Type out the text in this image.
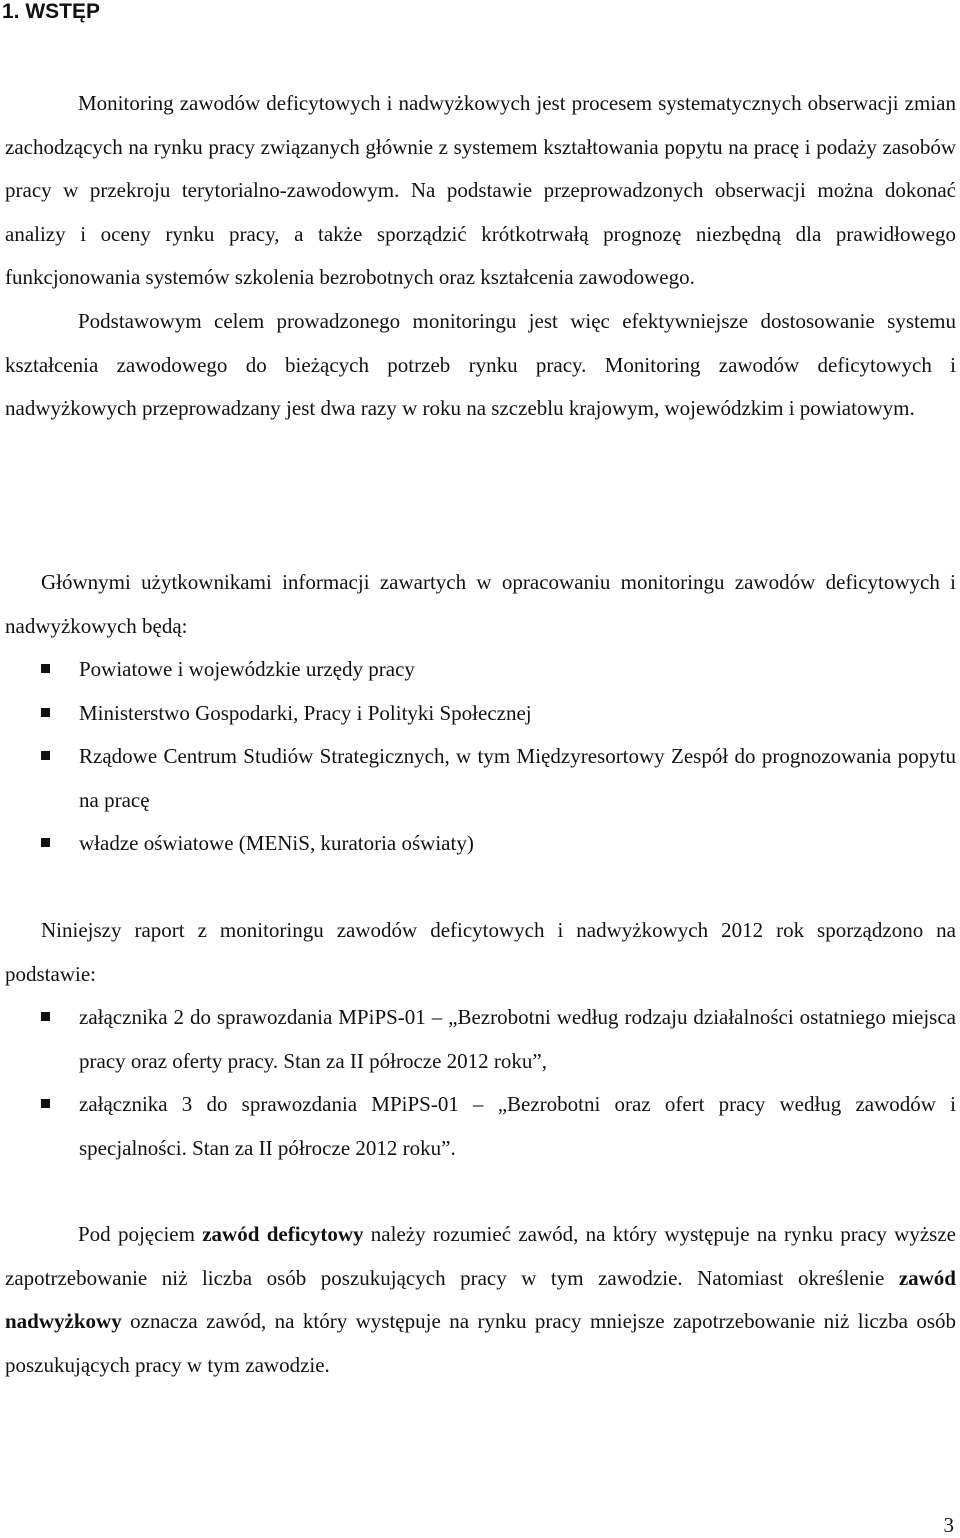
1. WSTĘP

Monitoring zawodów deficytowych i nadwyżkowych jest procesem systematycznych obserwacji zmian zachodzących na rynku pracy związanych głównie z systemem kształtowania popytu na pracę i podaży zasobów pracy w przekroju terytorialno-zawodowym. Na podstawie przeprowadzonych obserwacji można dokonać analizy i oceny rynku pracy, a także sporządzić krótkotrwałą prognozę niezbędną dla prawidłowego funkcjonowania systemów szkolenia bezrobotnych oraz kształcenia zawodowego.
Podstawowym celem prowadzonego monitoringu jest więc efektywniejsze dostosowanie systemu kształcenia zawodowego do bieżących potrzeb rynku pracy. Monitoring zawodów deficytowych i nadwyżkowych przeprowadzany jest dwa razy w roku na szczeblu krajowym, wojewódzkim i powiatowym.

Głównymi użytkownikami informacji zawartych w opracowaniu monitoringu zawodów deficytowych i nadwyżkowych będą:

Powiatowe i wojewódzkie urzędy pracy
Ministerstwo Gospodarki, Pracy i Polityki Społecznej
Rządowe Centrum Studiów Strategicznych, w tym Międzyresortowy Zespół do prognozowania popytu na pracę
władze oświatowe (MENiS, kuratoria oświaty)

Niniejszy raport z monitoringu zawodów deficytowych i nadwyżkowych 2012 rok sporządzono na podstawie:

załącznika 2 do sprawozdania MPiPS-01 – „Bezrobotni według rodzaju działalności ostatniego miejsca pracy oraz oferty pracy. Stan za II półrocze 2012 roku”,
załącznika 3 do sprawozdania MPiPS-01 – „Bezrobotni oraz ofert pracy według zawodów i specjalności. Stan za II półrocze 2012 roku”.

Pod pojęciem zawód deficytowy należy rozumieć zawód, na który występuje na rynku pracy wyższe zapotrzebowanie niż liczba osób poszukujących pracy w tym zawodzie. Natomiast określenie zawód nadwyżkowy oznacza zawód, na który występuje na rynku pracy mniejsze zapotrzebowanie niż liczba osób poszukujących pracy w tym zawodzie.

3
